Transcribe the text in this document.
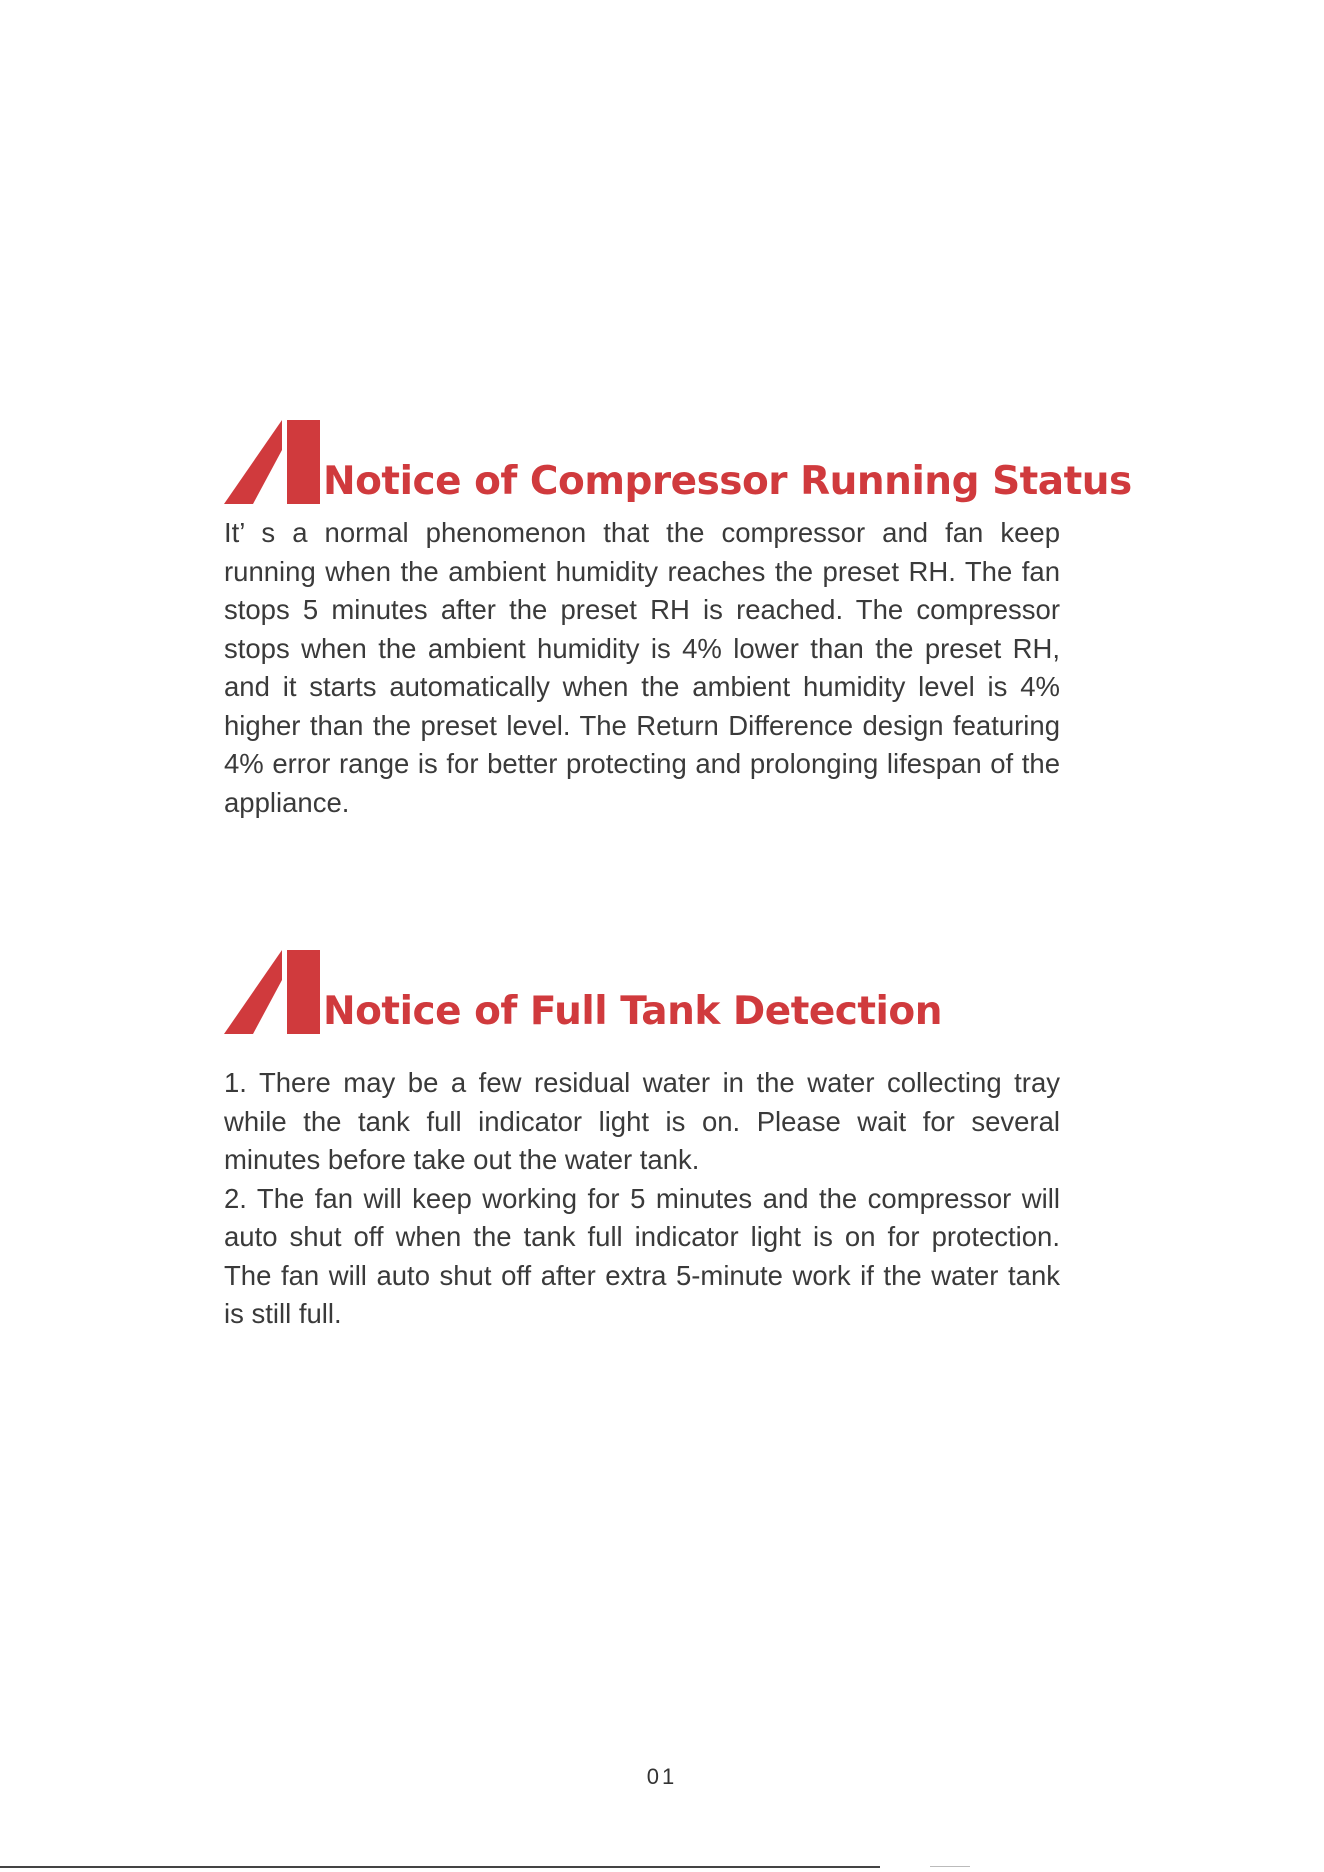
Notice of Compressor Running Status

It’ s a normal phenomenon that the compressor and fan keep running when the ambient humidity reaches the preset RH. The fan stops 5 minutes after the preset RH is reached. The compressor stops when the ambient humidity is 4% lower than the preset RH, and it starts automatically when the ambient humidity level is 4% higher than the preset level. The Return Difference design featuring 4% error range is for better protecting and prolonging lifespan of the appliance.

Notice of Full Tank Detection

1. There may be a few residual water in the water collecting tray while the tank full indicator light is on. Please wait for several minutes before take out the water tank.

2. The fan will keep working for 5 minutes and the compressor will auto shut off when the tank full indicator light is on for protection. The fan will auto shut off after extra 5-minute work if the water tank is still full.

01
